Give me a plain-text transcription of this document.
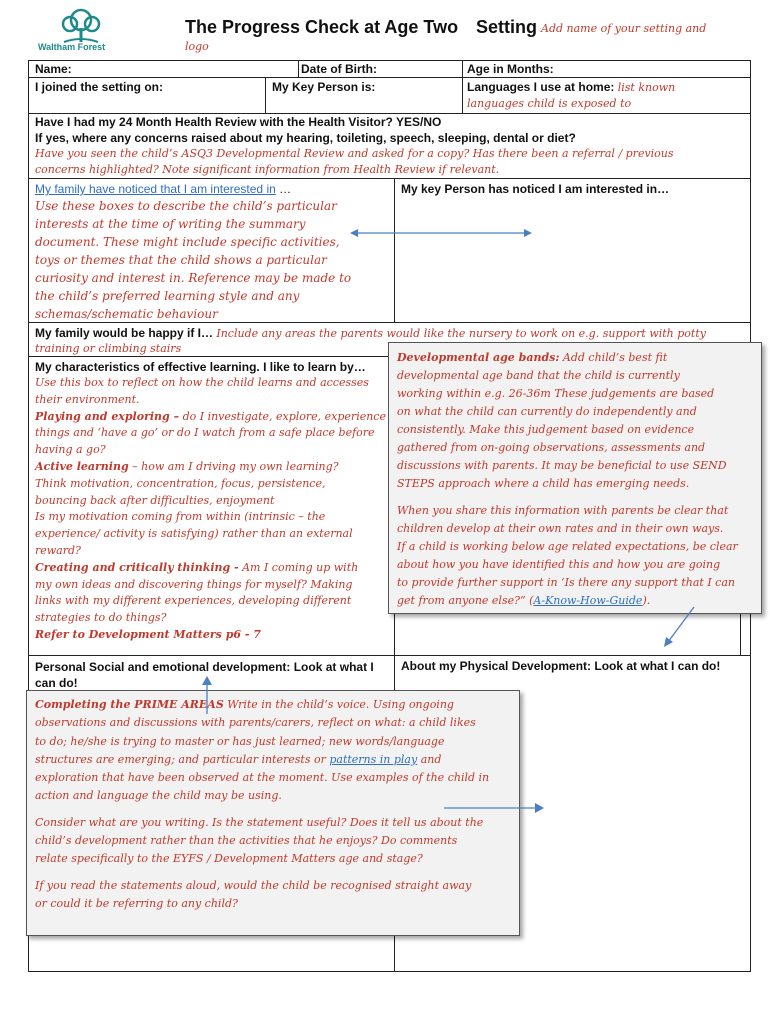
Waltham Forest
The Progress Check at Age Two Setting Add name of your setting and
logo
Name:	Date of Birth:	Age in Months:
I joined the setting on:	My Key Person is:	Languages I use at home: list known
languages child is exposed to
Have I had my 24 Month Health Review with the Health Visitor? YES/NO
If yes, where any concerns raised about my hearing, toileting, speech, sleeping, dental or diet?
Have you seen the child’s ASQ3 Developmental Review and asked for a copy? Has there been a referral / previous
concerns highlighted? Note significant information from Health Review if relevant.
My family have noticed that I am interested in …
Use these boxes to describe the child’s particular
interests at the time of writing the summary
document. These might include specific activities,
toys or themes that the child shows a particular
curiosity and interest in. Reference may be made to
the child’s preferred learning style and any
schemas/schematic behaviour
My key Person has noticed I am interested in…
My family would be happy if I… Include any areas the parents would like the nursery to work on e.g. support with potty
training or climbing stairs
My characteristics of effective learning. I like to learn by…
Use this box to reflect on how the child learns and accesses
their environment.
Playing and exploring – do I investigate, explore, experience
things and ‘have a go’ or do I watch from a safe place before
having a go?
Active learning – how am I driving my own learning?
Think motivation, concentration, focus, persistence,
bouncing back after difficulties, enjoyment
Is my motivation coming from within (intrinsic – the
experience/ activity is satisfying) rather than an external
reward?
Creating and critically thinking - Am I coming up with
my own ideas and discovering things for myself? Making
links with my different experiences, developing different
strategies to do things?
Refer to Development Matters p6 - 7
Developmental age bands: Add child’s best fit
developmental age band that the child is currently
working within e.g. 26-36m These judgements are based
on what the child can currently do independently and
consistently. Make this judgement based on evidence
gathered from on-going observations, assessments and
discussions with parents. It may be beneficial to use SEND
STEPS approach where a child has emerging needs.
When you share this information with parents be clear that
children develop at their own rates and in their own ways.
If a child is working below age related expectations, be clear
about how you have identified this and how you are going
to provide further support in ‘Is there any support that I can
get from anyone else?” (A-Know-How-Guide).
Personal Social and emotional development: Look at what I
can do!
About my Physical Development: Look at what I can do!
Completing the PRIME AREAS Write in the child’s voice. Using ongoing
observations and discussions with parents/carers, reflect on what: a child likes
to do; he/she is trying to master or has just learned; new words/language
structures are emerging; and particular interests or patterns in play and
exploration that have been observed at the moment. Use examples of the child in
action and language the child may be using.
Consider what are you writing. Is the statement useful? Does it tell us about the
child’s development rather than the activities that he enjoys? Do comments
relate specifically to the EYFS / Development Matters age and stage?
If you read the statements aloud, would the child be recognised straight away
or could it be referring to any child?
